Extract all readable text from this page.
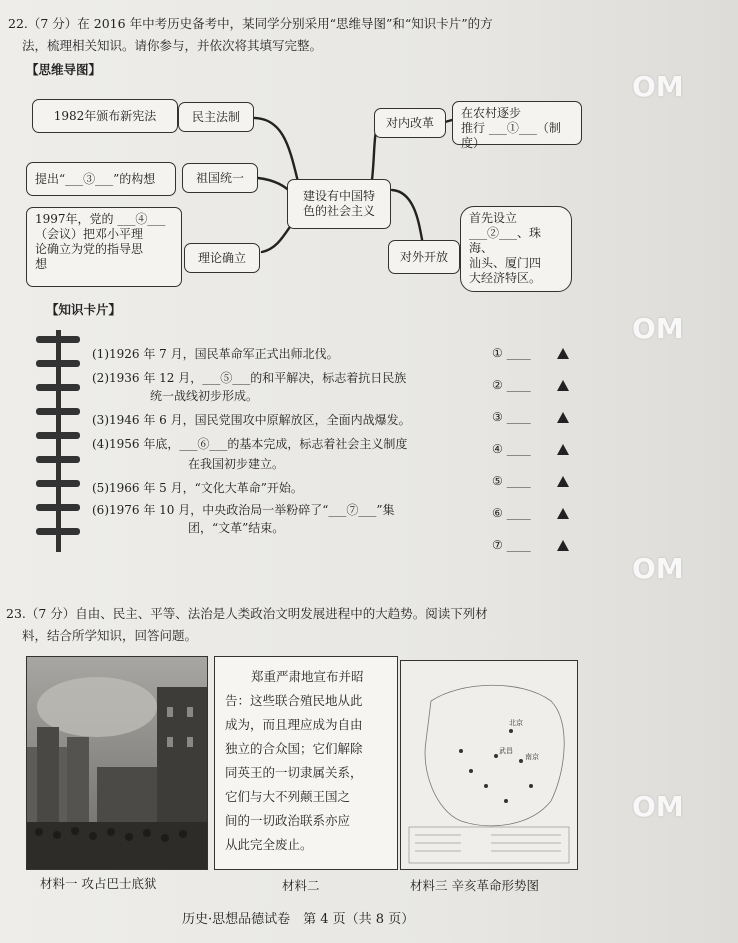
22.（7 分）在 2016 年中考历史备考中，某同学分别采用“思维导图”和“知识卡片”的方
法，梳理相关知识。请你参与，并依次将其填写完整。
【思维导图】
1982年颁布新宪法	民主法制
提出“___③___”的构想	祖国统一
1997年，党的 ___④___
（会议）把邓小平理
论确立为党的指导思
想	理论确立
建设有中国特色的社会主义
对内改革
在农村逐步
推行 ___①___（制度）
对外开放
首先设立
___②___、珠海、
汕头、厦门四
大经济特区。
【知识卡片】
(1)1926 年 7 月，国民革命军正式出师北伐。
(2)1936 年 12 月，___⑤___的和平解决，标志着抗日民族
统一战线初步形成。
(3)1946 年 6 月，国民党围攻中原解放区，全面内战爆发。
(4)1956 年底，___⑥___的基本完成，标志着社会主义制度
在我国初步建立。
(5)1966 年 5 月，“文化大革命”开始。
(6)1976 年 10 月，中央政治局一举粉碎了“___⑦___”集
团，“文革”结束。
① ____
② ____
③ ____
④ ____
⑤ ____
⑥ ____
⑦ ____
23.（7 分）自由、民主、平等、法治是人类政治文明发展进程中的大趋势。阅读下列材
料，结合所学知识，回答问题。
郑重严肃地宣布并昭
告：这些联合殖民地从此
成为，而且理应成为自由
独立的合众国；它们解除
同英王的一切隶属关系，
它们与大不列颠王国之
间的一切政治联系亦应
从此完全废止。
北京
武昌
南京
材料一 攻占巴士底狱	材料二	材料三 辛亥革命形势图
历史·思想品德试卷　第 4 页（共 8 页）
OM
OM
OM
OM
